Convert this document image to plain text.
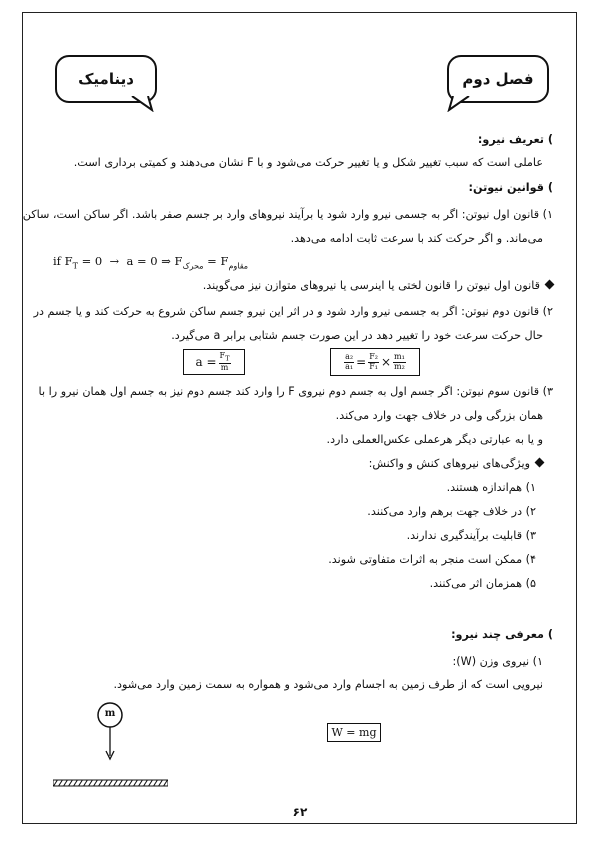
فصل دوم
دینامیک
) تعریف نیرو:
عاملی است که سبب تغییر شکل و یا تغییر حرکت می‌شود و با F نشان می‌دهند و کمیتی برداری است.
) قوانین نیوتن:
۱) قانون اول نیوتن: اگر به جسمی نیرو وارد شود یا برآیند نیروهای وارد بر جسم صفر باشد. اگر ساکن است، ساکن
می‌ماند. و اگر حرکت کند با سرعت ثابت ادامه می‌دهد.
if $F_T = 0 \to a = 0$ ⇒ $F_{محرک} = F_{مقاوم}$
قانون اول نیوتن را قانون لختی یا اینرسی یا نیروهای متوازن نیز می‌گویند.
۲) قانون دوم نیوتن: اگر به جسمی نیرو وارد شود و در اثر این نیرو جسم ساکن شروع به حرکت کند و یا جسم در
حال حرکت سرعت خود را تغییر دهد در این صورت جسم شتابی برابر a می‌گیرد.
$a = \frac{F_T}{m}$	$\frac{\text{a₂}}{\text{a₁}} = \frac{\text{F₂}}{\text{F₁}} \times \frac{\text{m₁}}{\text{m₂}}$
۳) قانون سوم نیوتن: اگر جسم اول به جسم دوم نیروی F را وارد کند جسم دوم نیز به جسم اول همان نیرو را با
همان بزرگی ولی در خلاف جهت وارد می‌کند.
و یا به عبارتی دیگر هرعملی عکس‌العملی دارد.
ویژگی‌های نیروهای کنش و واکنش:
۱) هم‌اندازه هستند.
۲) در خلاف جهت برهم وارد می‌کنند.
۳) قابلیت برآیندگیری ندارند.
۴) ممکن است منجر به اثرات متفاوتی شوند.
۵) همزمان اثر می‌کنند.
) معرفی چند نیرو:
۱) نیروی وزن (W):
نیرویی است که از طرف زمین به اجسام وارد می‌شود و همواره به سمت زمین وارد می‌شود.
m
W = mg
۶۲
